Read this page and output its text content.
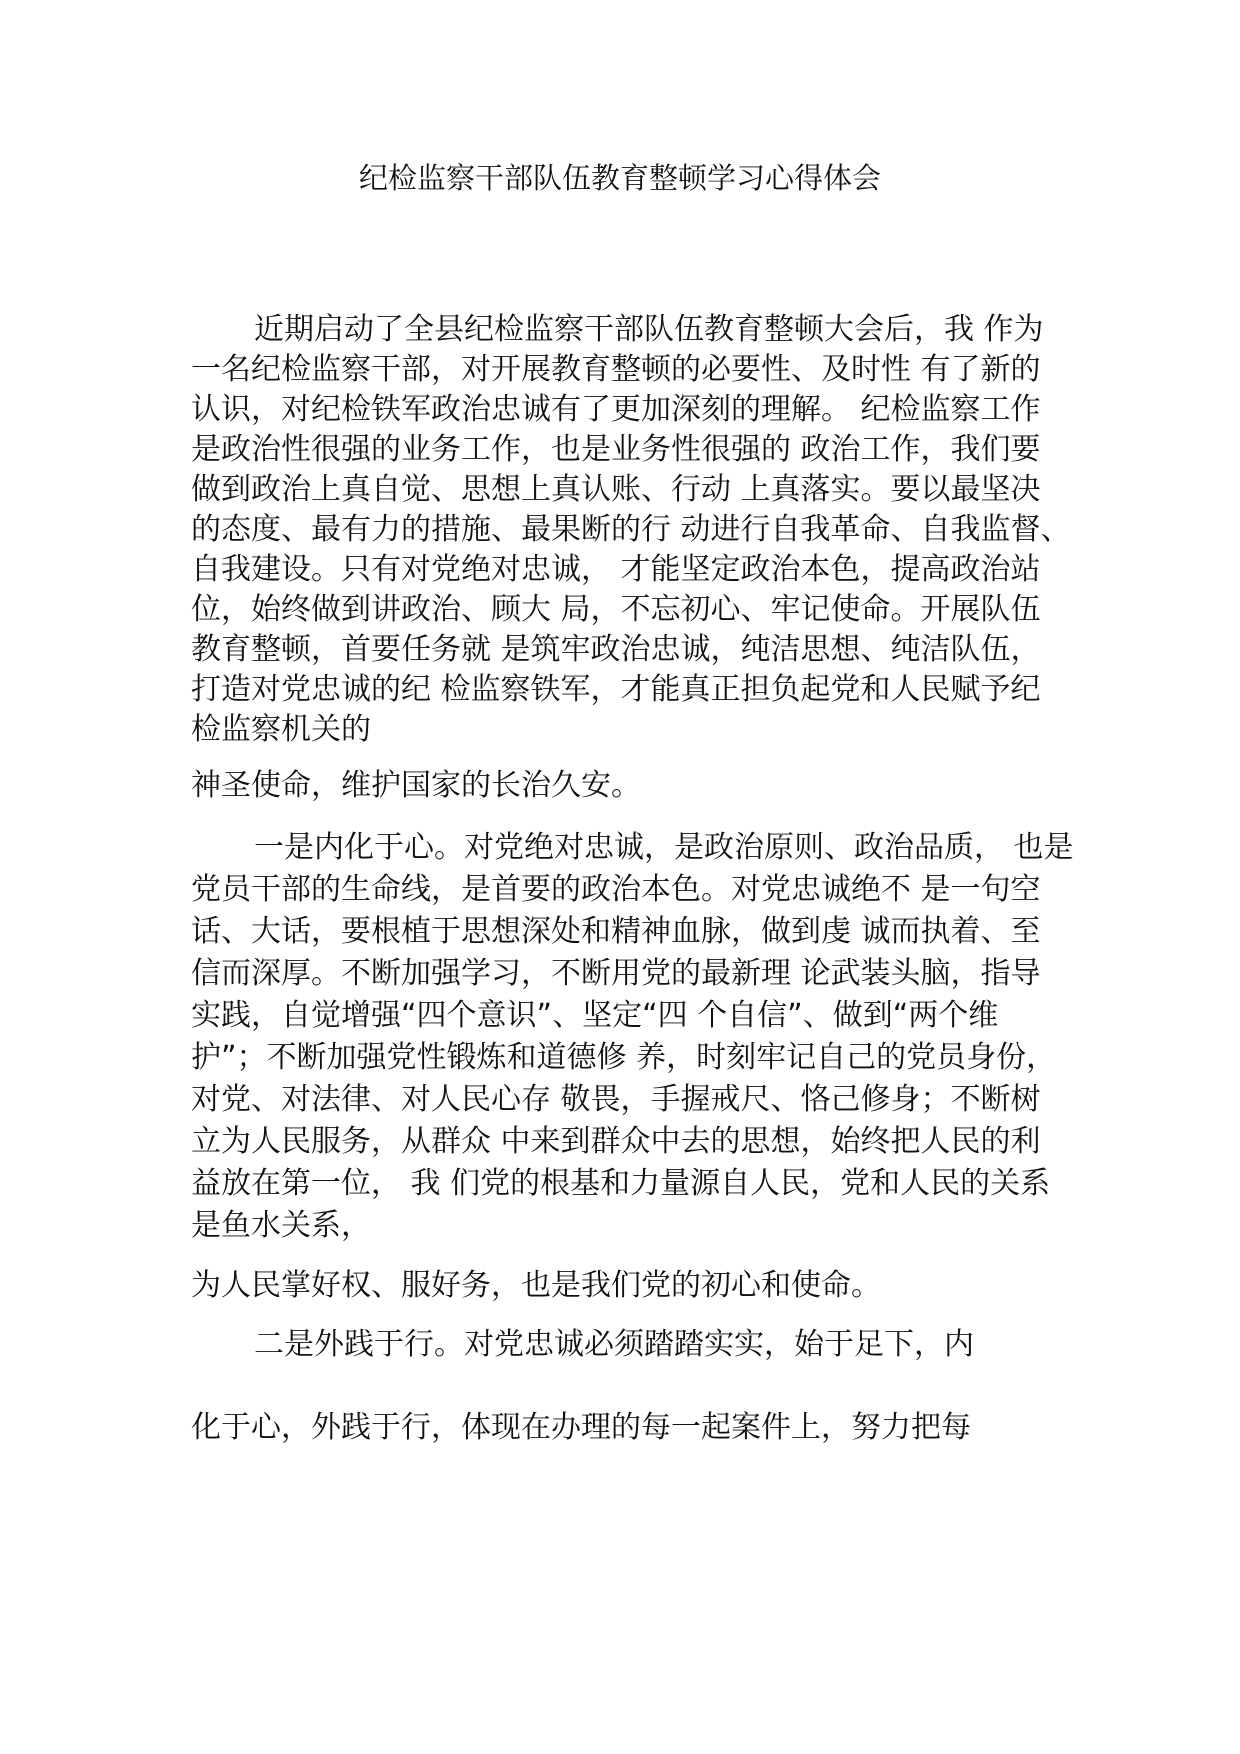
纪检监察干部队伍教育整顿学习心得体会

近期启动了全县纪检监察干部队伍教育整顿大会后，我 作为

一名纪检监察干部，对开展教育整顿的必要性、及时性 有了新的

认识，对纪检铁军政治忠诚有了更加深刻的理解。 纪检监察工作

是政治性很强的业务工作，也是业务性很强的 政治工作，我们要

做到政治上真自觉、思想上真认账、行动 上真落实。要以最坚决

的态度、最有力的措施、最果断的行 动进行自我革命、自我监督、

自我建设。只有对党绝对忠诚， 才能坚定政治本色，提高政治站

位，始终做到讲政治、顾大 局，不忘初心、牢记使命。开展队伍

教育整顿，首要任务就 是筑牢政治忠诚，纯洁思想、纯洁队伍，

打造对党忠诚的纪 检监察铁军，才能真正担负起党和人民赋予纪

检监察机关的

神圣使命，维护国家的长治久安。

一是内化于心。对党绝对忠诚，是政治原则、政治品质， 也是

党员干部的生命线，是首要的政治本色。对党忠诚绝不 是一句空

话、大话，要根植于思想深处和精神血脉，做到虔 诚而执着、至

信而深厚。不断加强学习，不断用党的最新理 论武装头脑，指导

实践，自觉增强“四个意识”、坚定“四 个自信”、做到“两个维

护”；不断加强党性锻炼和道德修 养，时刻牢记自己的党员身份，

对党、对法律、对人民心存 敬畏，手握戒尺、恪己修身；不断树

立为人民服务，从群众 中来到群众中去的思想，始终把人民的利

益放在第一位， 我 们党的根基和力量源自人民，党和人民的关系

是鱼水关系，

为人民掌好权、服好务，也是我们党的初心和使命。

二是外践于行。对党忠诚必须踏踏实实，始于足下，内

化于心，外践于行，体现在办理的每一起案件上，努力把每
